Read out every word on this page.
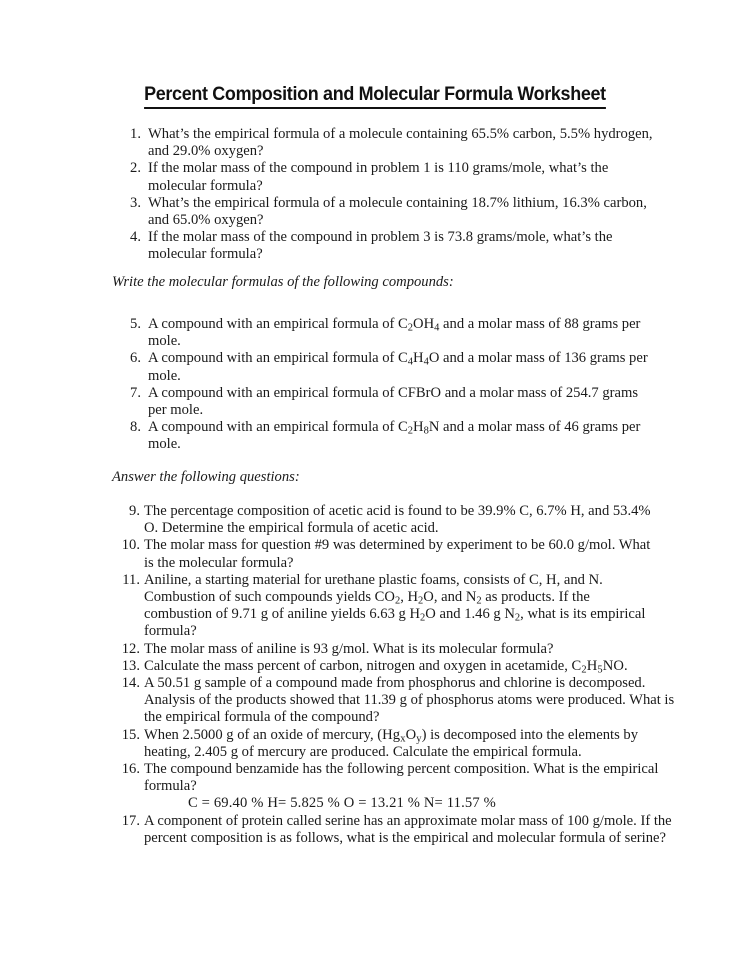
Percent Composition and Molecular Formula Worksheet
1. What’s the empirical formula of a molecule containing 65.5% carbon, 5.5% hydrogen, and 29.0% oxygen?
2. If the molar mass of the compound in problem 1 is 110 grams/mole, what’s the molecular formula?
3. What’s the empirical formula of a molecule containing 18.7% lithium, 16.3% carbon, and 65.0% oxygen?
4. If the molar mass of the compound in problem 3 is 73.8 grams/mole, what’s the molecular formula?
Write the molecular formulas of the following compounds:
5. A compound with an empirical formula of $C_2OH_4$ and a molar mass of 88 grams per mole.
6. A compound with an empirical formula of $C_4H_4O$ and a molar mass of 136 grams per mole.
7. A compound with an empirical formula of CFBrO and a molar mass of 254.7 grams per mole.
8. A compound with an empirical formula of $C_2H_8N$ and a molar mass of 46 grams per mole.
Answer the following questions:
9. The percentage composition of acetic acid is found to be 39.9% C, 6.7% H, and 53.4% O. Determine the empirical formula of acetic acid.
10. The molar mass for question #9 was determined by experiment to be 60.0 g/mol. What is the molecular formula?
11. Aniline, a starting material for urethane plastic foams, consists of C, H, and N. Combustion of such compounds yields $CO_2$, $H_2O$, and $N_2$ as products. If the combustion of 9.71 g of aniline yields 6.63 g $H_2O$ and 1.46 g $N_2$, what is its empirical formula?
12. The molar mass of aniline is 93 g/mol. What is its molecular formula?
13. Calculate the mass percent of carbon, nitrogen and oxygen in acetamide, $C_2H_5NO$.
14. A 50.51 g sample of a compound made from phosphorus and chlorine is decomposed. Analysis of the products showed that 11.39 g of phosphorus atoms were produced. What is the empirical formula of the compound?
15. When 2.5000 g of an oxide of mercury, $(Hg_xO_y)$ is decomposed into the elements by heating, 2.405 g of mercury are produced. Calculate the empirical formula.
16. The compound benzamide has the following percent composition. What is the empirical formula?
C = 69.40 % H= 5.825 % O = 13.21 % N= 11.57 %
17. A component of protein called serine has an approximate molar mass of 100 g/mole. If the percent composition is as follows, what is the empirical and molecular formula of serine?
